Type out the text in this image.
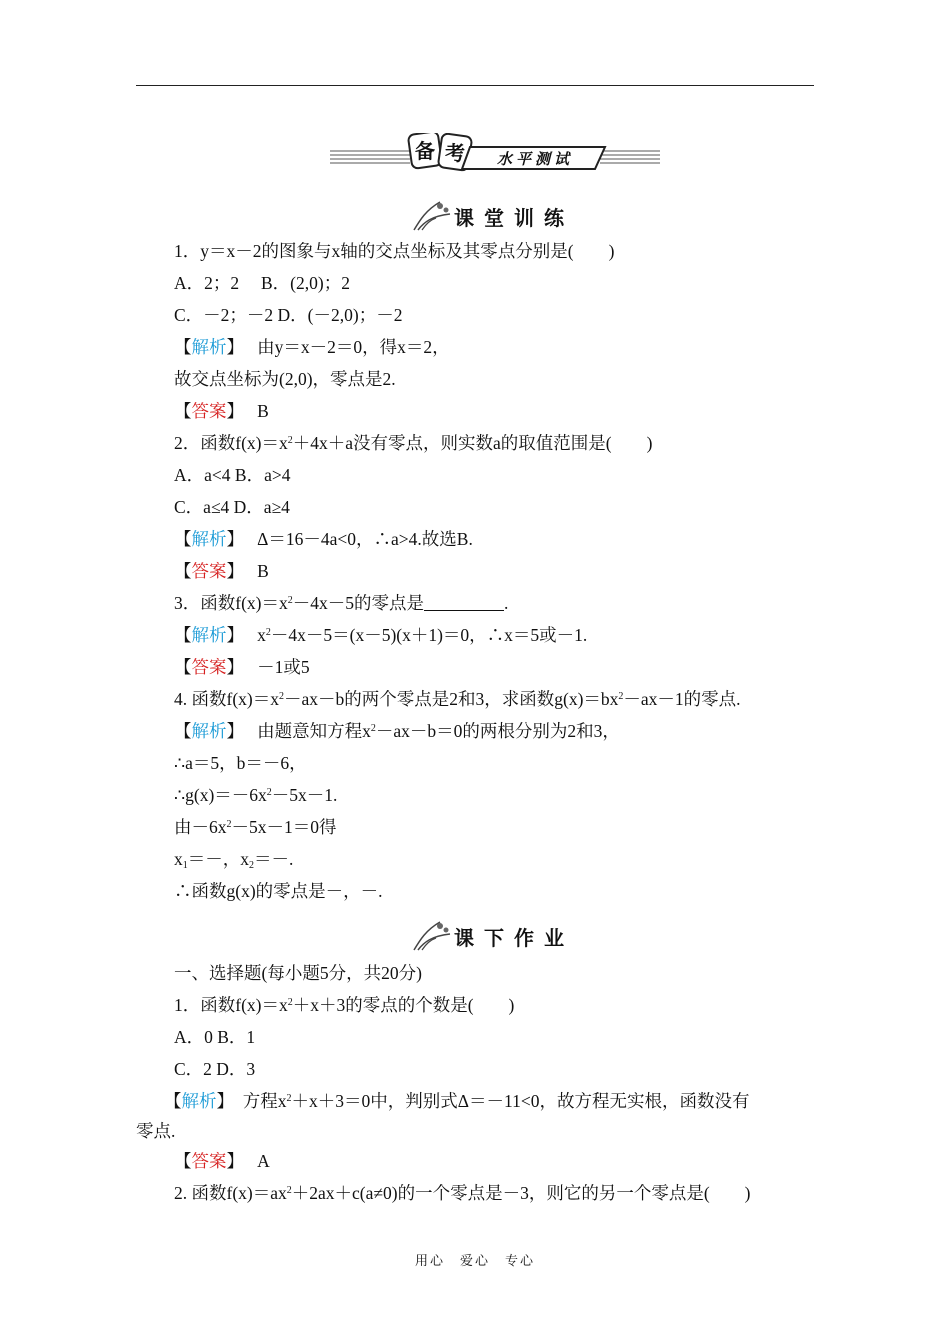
备 考 水平测试
课堂训练
1．y＝x－2的图象与x轴的交点坐标及其零点分别是(　　)
A．2；2　 B．(2,0)；2
C．－2；－2 D．(－2,0)；－2
【解析】　 由y＝x－2＝0，得x＝2，
故交点坐标为(2,0)，零点是2.
【答案】　 B
2．函数$f(x)=x^2+4x+a$没有零点，则实数a的取值范围是(　　)
A．a<4 B．a>4
C．a≤4 D．a≥4
【解析】　 Δ＝16－4a<0，∴a>4.故选B.
【答案】　 B
3．函数$f(x)=x^2-4x-5$的零点是	.
【解析】　 $x^2-4x-5=(x-5)(x+1)=0$，∴x＝5或－1.
【答案】　 －1或5
4. 函数$f(x)=x^2-ax-b$的两个零点是2和3，求函数$g(x)=bx^2-ax-1$的零点.
【解析】　 由题意知方程$x^2-ax-b=0$的两根分别为2和3，
∴a＝5，b＝－6，
$\therefore g(x)=-6x^2-5x-1$.
由$-6x^2-5x-1=0$得
$x_1=-$，$x_2=-$.
∴函数g(x)的零点是－，－.
课下作业
一、选择题(每小题5分，共20分)
1．函数$f(x)=x^2+x+3$的零点的个数是(　　)
A．0 B．1
C．2 D．3
【解析】　 方程$x^2+x+3=0$中，判别式Δ＝－11<0，故方程无实根，函数没有
零点.
【答案】　 A
2. 函数$f(x)=ax^2+2ax+c(a\ne 0)$的一个零点是－3，则它的另一个零点是(　　)
用心　爱心　专心
